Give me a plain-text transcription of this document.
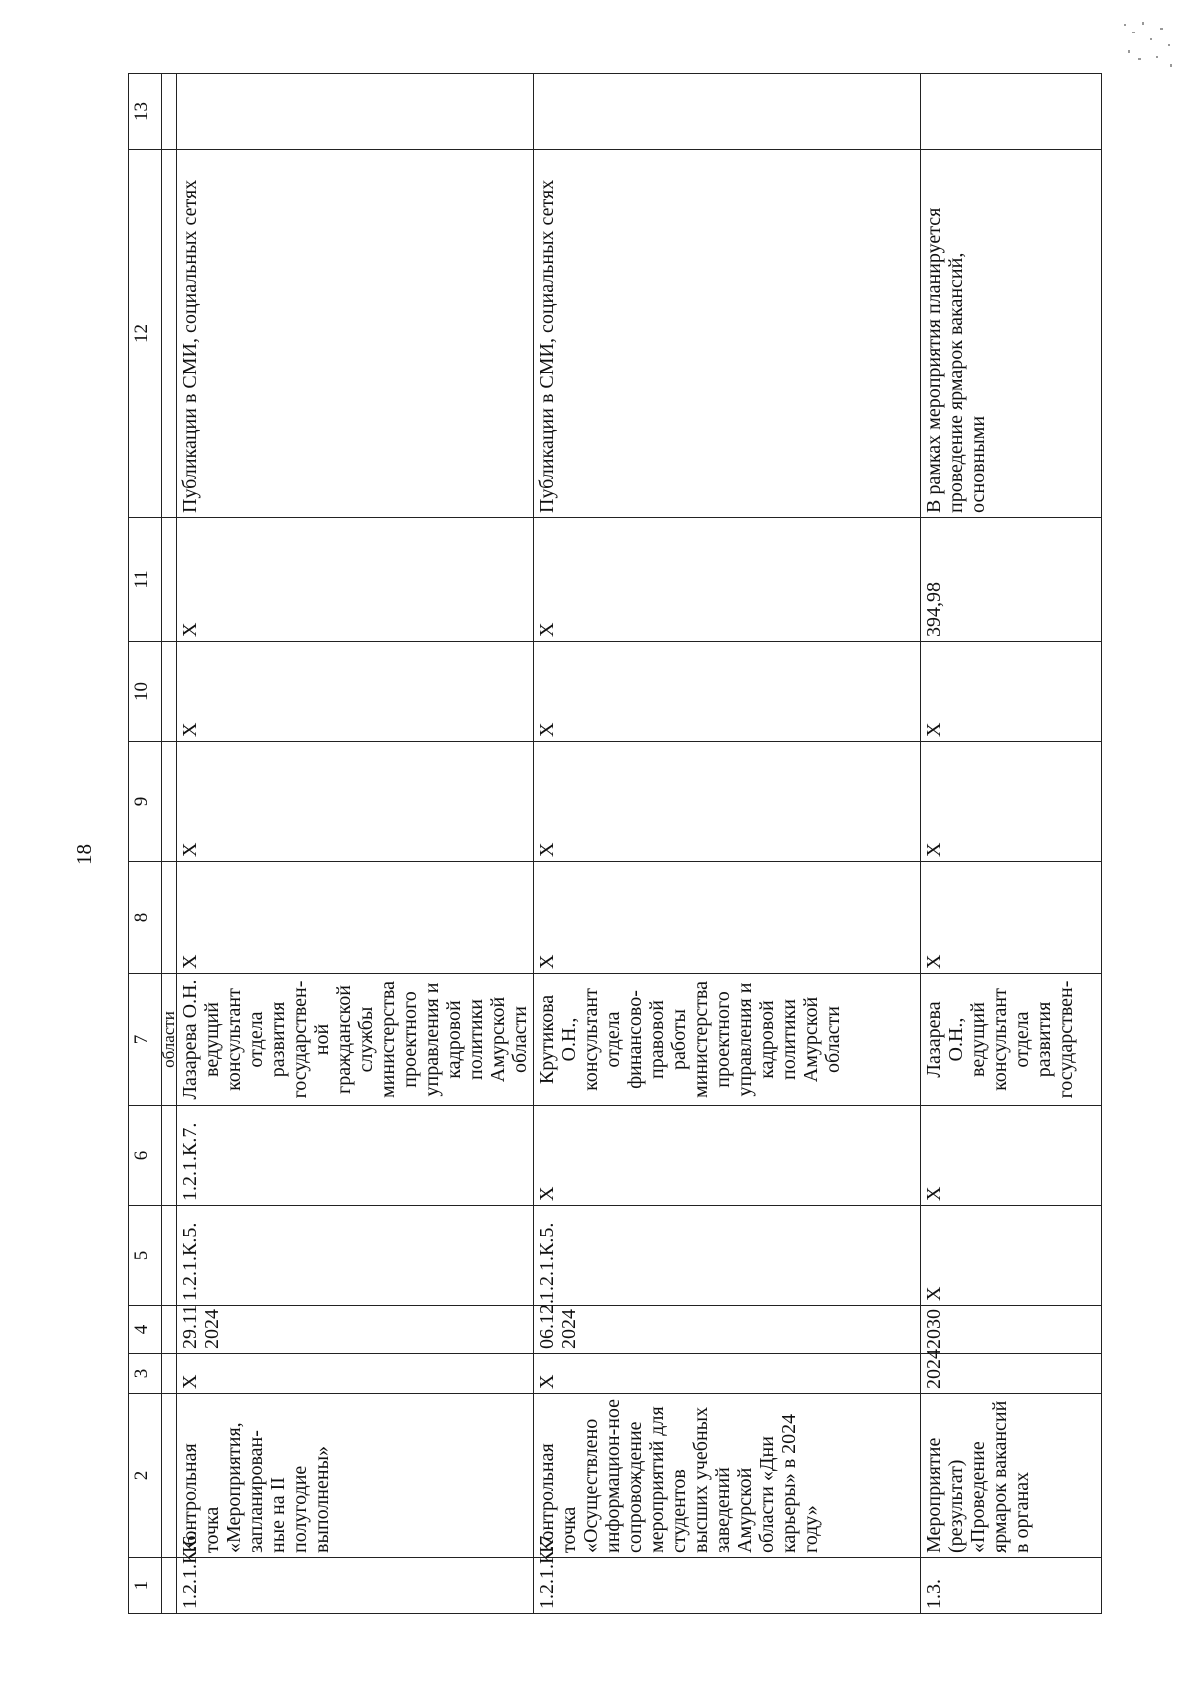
18
1	2	3	4	5	6	7	8	9	10	11	12	13
						области						
1.2.1.К.6.	Контрольная точка «Мероприятия, запланирован-ные на II полугодие выполнены»	Х	29.11 2024	1.2.1.К.5.	1.2.1.К.7.	Лазарева О.Н. ведущий консультант отдела развития государствен-ной гражданской службы министерства проектного управления и кадровой политики Амурской области	Х	Х	Х	Х	Публикации в СМИ, социальных сетях	
1.2.1.К.7.	Контрольная точка «Осуществлено информацион-ное сопровождение мероприятий для студентов высших учебных заведений Амурской области «Дни карьеры» в 2024 году»	Х	06.12. 2024	1.2.1.К.5.	Х	Крутикова О.Н., консультант отдела финансово-правовой работы министерства проектного управления и кадровой политики Амурской области	Х	Х	Х	Х	Публикации в СМИ, социальных сетях	
1.3.	Мероприятие (результат) «Проведение ярмарок вакансий в органах	2024	2030	Х	Х	Лазарева О.Н., ведущий консультант отдела развития государствен-	Х	Х	Х	394,98	В рамках мероприятия планируется проведение ярмарок вакансий, основными	
